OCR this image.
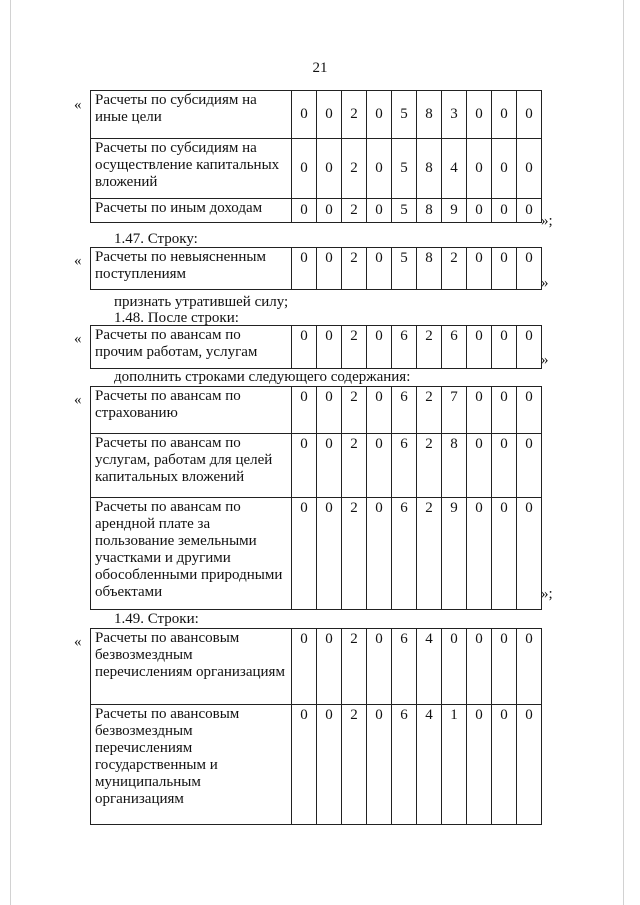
21
« Расчеты по субсидиям на иные цели	0	0	2	0	5	8	3	0	0	0
Расчеты по субсидиям на осуществление капитальных вложений	0	0	2	0	5	8	4	0	0	0
Расчеты по иным доходам	0	0	2	0	5	8	9	0	0	0
»;
1.47. Строку:
« Расчеты по невыясненным поступлениям	0	0	2	0	5	8	2	0	0	0
»
признать утратившей силу;
1.48. После строки:
« Расчеты по авансам по прочим работам, услугам	0	0	2	0	6	2	6	0	0	0
»
дополнить строками следующего содержания:
« Расчеты по авансам по страхованию	0	0	2	0	6	2	7	0	0	0
Расчеты по авансам по услугам, работам для целей капитальных вложений	0	0	2	0	6	2	8	0	0	0
Расчеты по авансам по арендной плате за пользование земельными участками и другими обособленными природными объектами	0	0	2	0	6	2	9	0	0	0
»;
1.49. Строки:
« Расчеты по авансовым безвозмездным перечислениям организациям	0	0	2	0	6	4	0	0	0	0
Расчеты по авансовым безвозмездным перечислениям государственным и муниципальным организациям	0	0	2	0	6	4	1	0	0	0
